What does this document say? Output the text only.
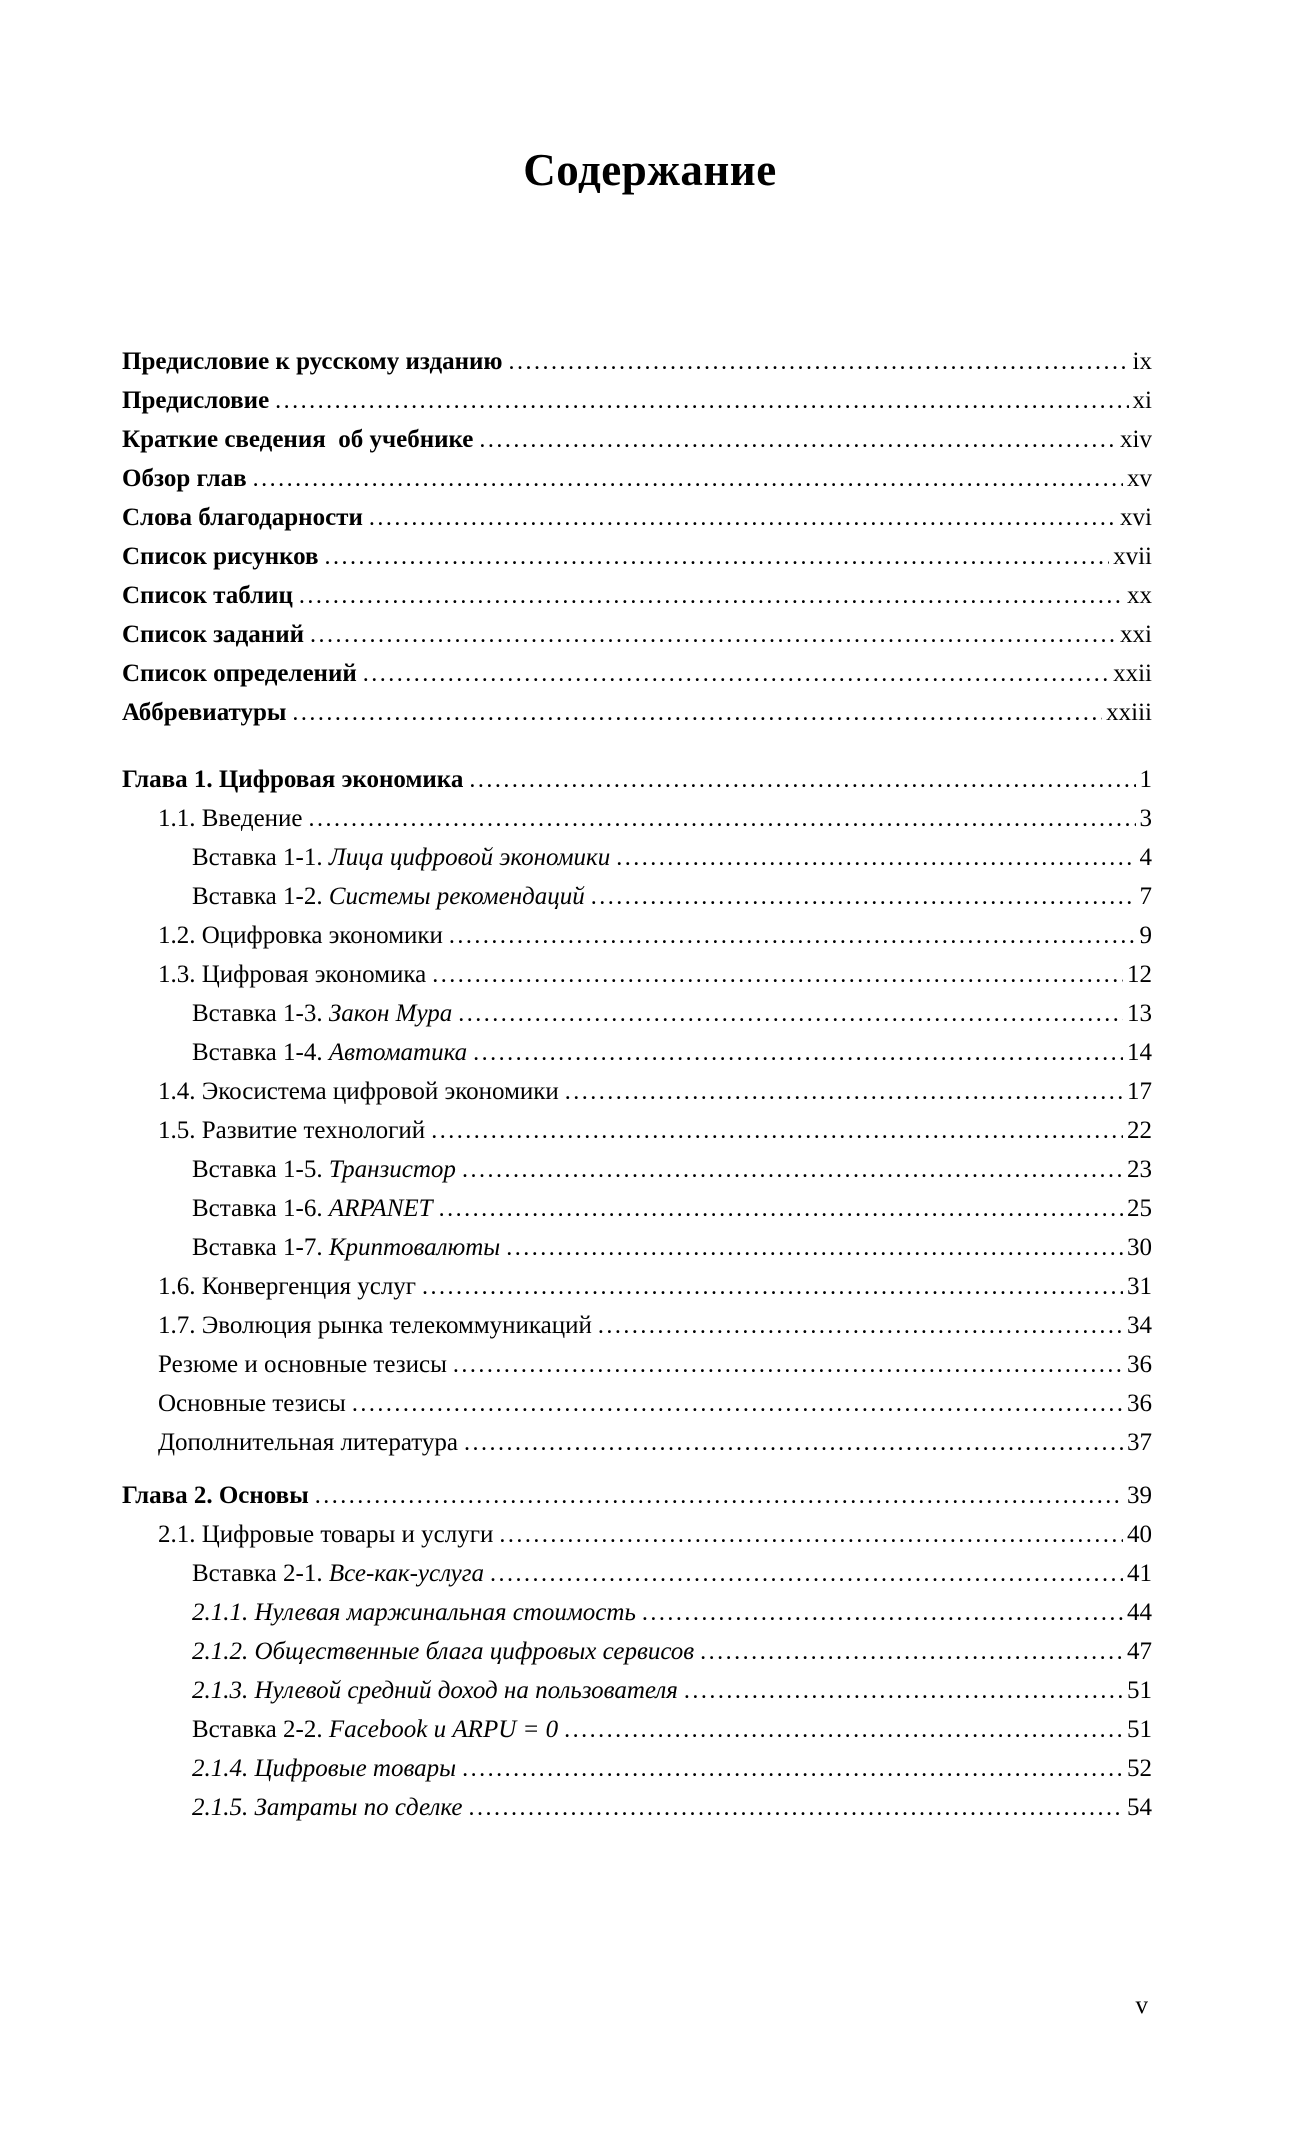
Содержание
Предисловие к русскому изданию .....	ix
Предисловие .....	xi
Краткие сведения  об учебнике .....	xiv
Обзор глав .....	xv
Слова благодарности .....	xvi
Список рисунков .....	xvii
Список таблиц .....	xx
Список заданий .....	xxi
Список определений .....	xxii
Аббревиатуры .....	xxiii
Глава 1. Цифровая экономика .....	1
1.1. Введение .....	3
Вставка 1-1. Лица цифровой экономики .....	4
Вставка 1-2. Системы рекомендаций .....	7
1.2. Оцифровка экономики .....	9
1.3. Цифровая экономика .....	12
Вставка 1-3. Закон Мура .....	13
Вставка 1-4. Автоматика .....	14
1.4. Экосистема цифровой экономики .....	17
1.5. Развитие технологий .....	22
Вставка 1-5. Транзистор .....	23
Вставка 1-6. ARPANET .....	25
Вставка 1-7. Криптовалюты .....	30
1.6. Конвергенция услуг .....	31
1.7. Эволюция рынка телекоммуникаций .....	34
Резюме и основные тезисы .....	36
Основные тезисы .....	36
Дополнительная литература .....	37
Глава 2. Основы .....	39
2.1. Цифровые товары и услуги .....	40
Вставка 2-1. Все-как-услуга .....	41
2.1.1. Нулевая маржинальная стоимость .....	44
2.1.2. Общественные блага цифровых сервисов .....	47
2.1.3. Нулевой средний доход на пользователя .....	51
Вставка 2-2. Facebook и ARPU = 0 .....	51
2.1.4. Цифровые товары .....	52
2.1.5. Затраты по сделке .....	54
v
